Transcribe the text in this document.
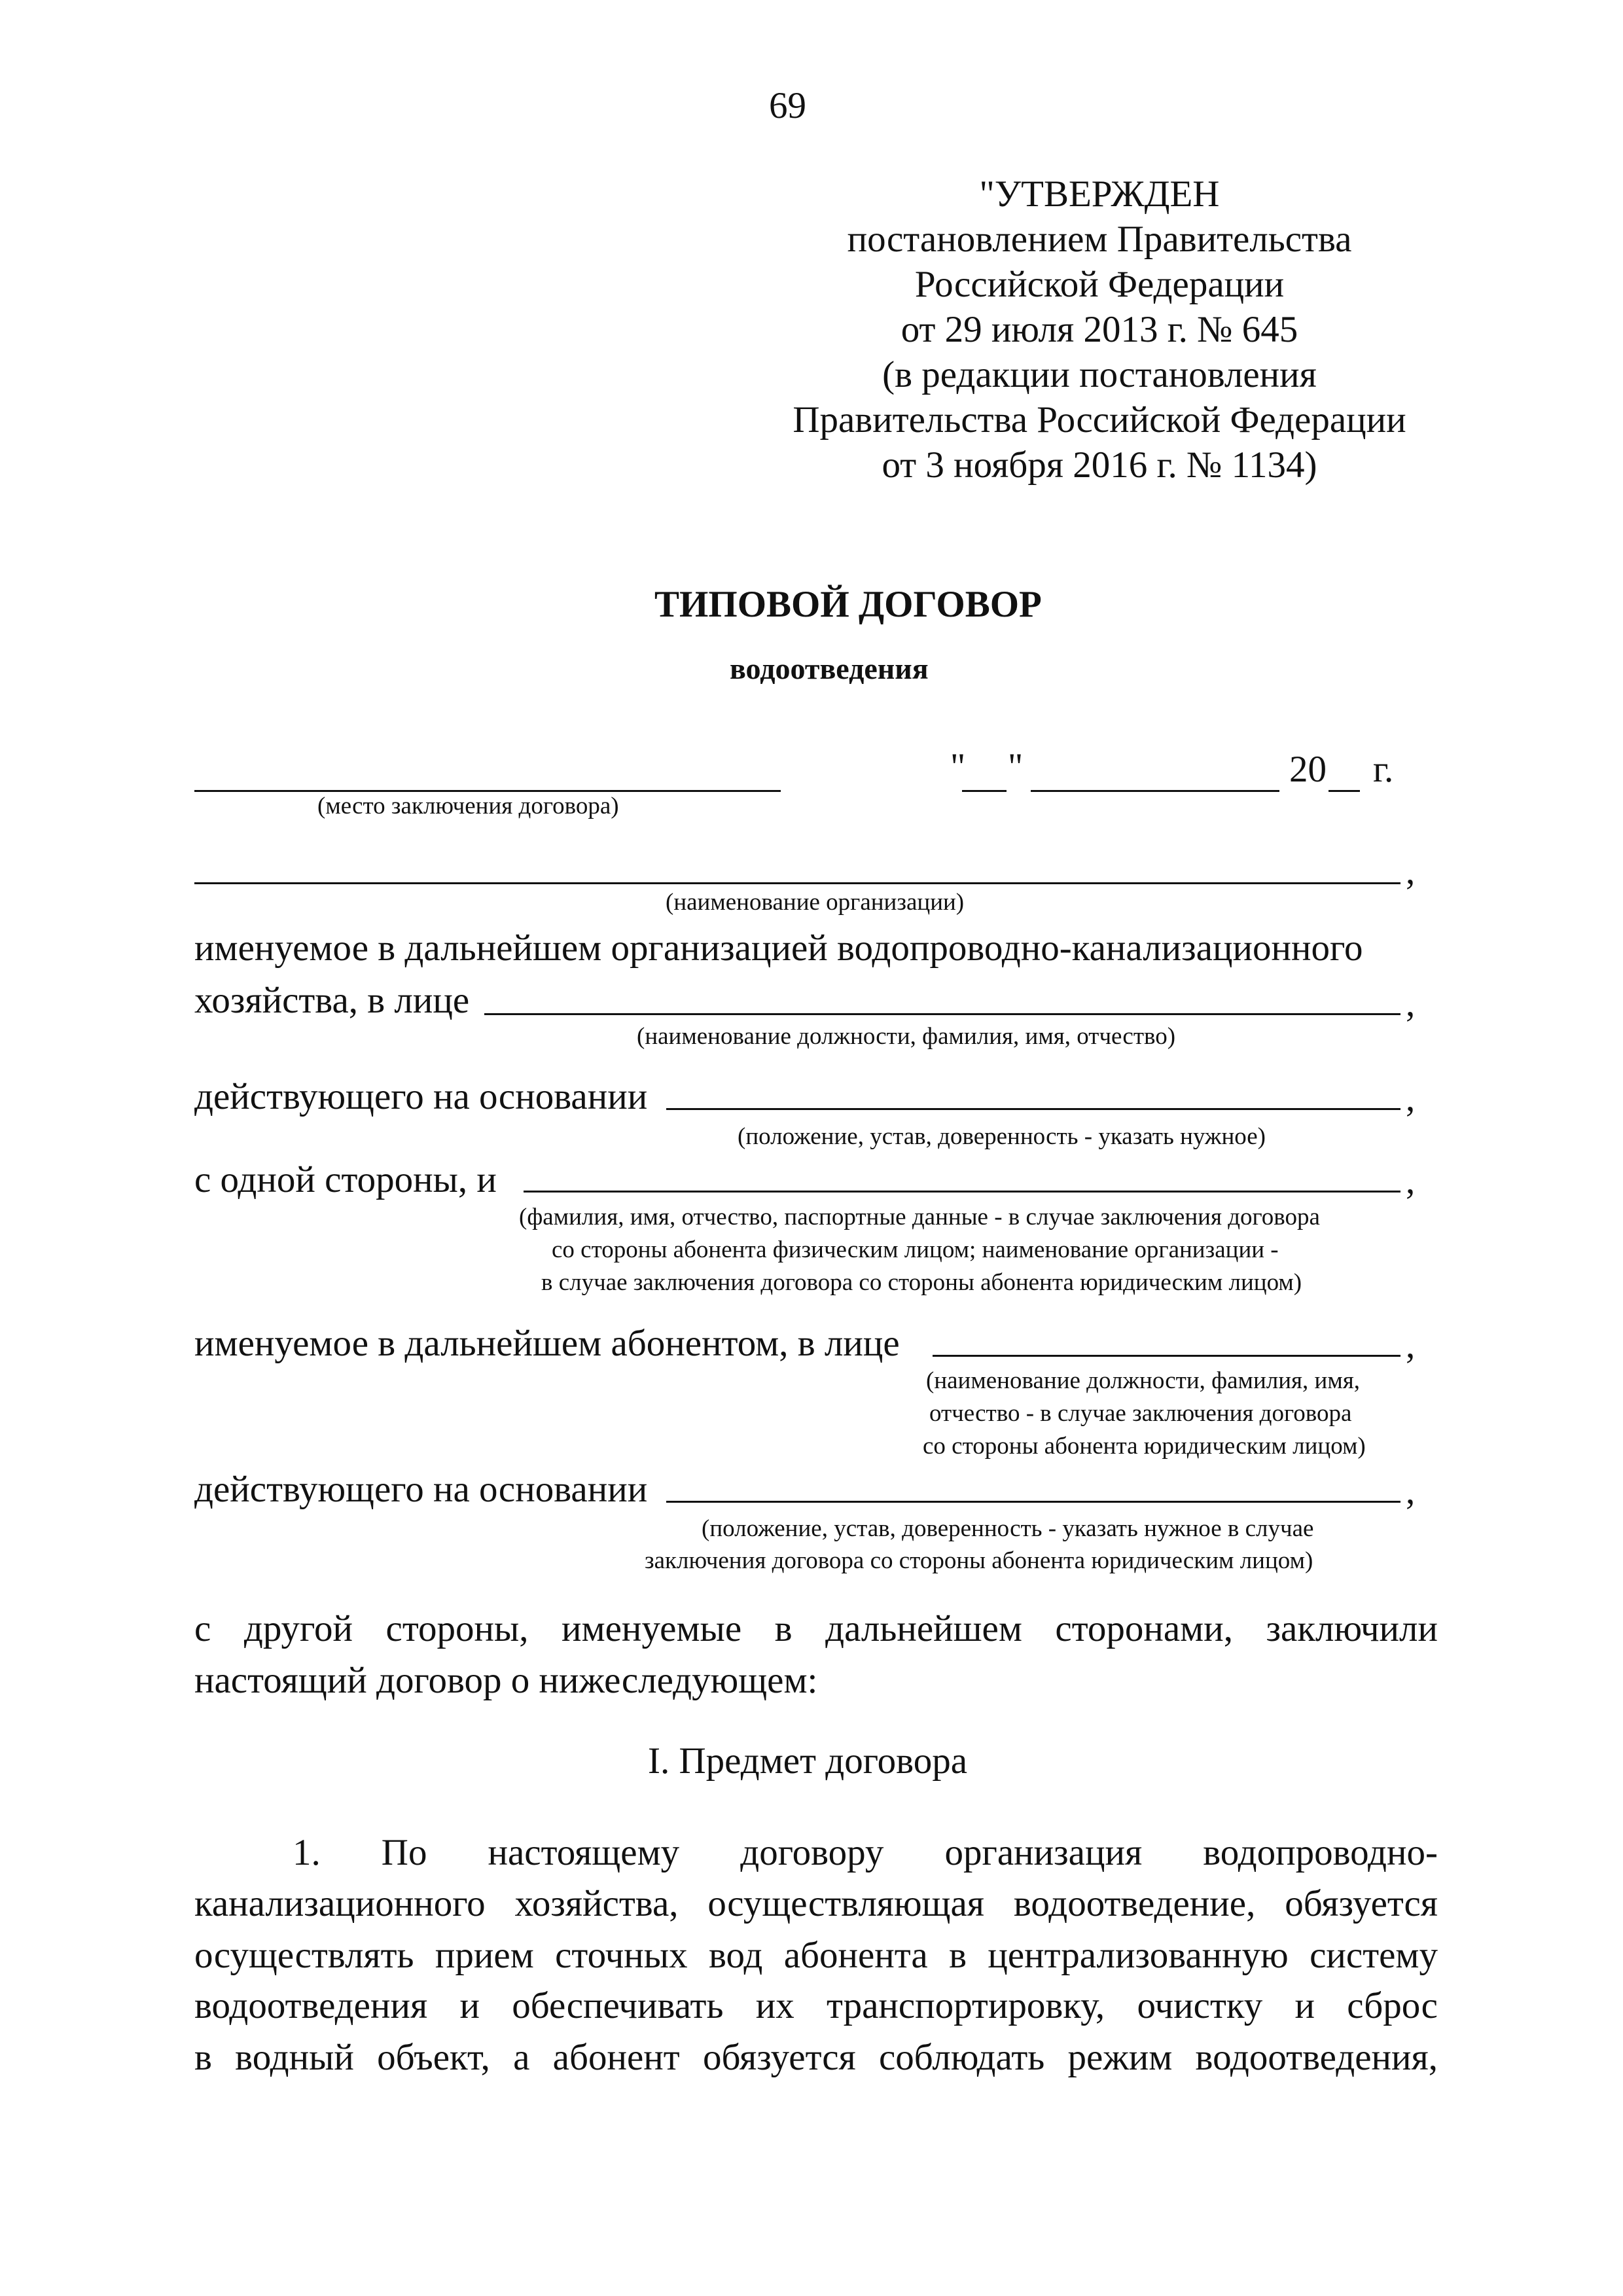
69
"УТВЕРЖДЕН
постановлением Правительства
Российской Федерации
от 29 июля 2013 г. № 645
(в редакции постановления
Правительства Российской Федерации
от 3 ноября 2016 г. № 1134)
ТИПОВОЙ ДОГОВОР
водоотведения
" "	20 г.
(место заключения договора)
,
(наименование организации)
именуемое в дальнейшем организацией водопроводно-канализационного
хозяйства, в лице	,
(наименование должности, фамилия, имя, отчество)
действующего на основании	,
(положение, устав, доверенность - указать нужное)
с одной стороны, и	,
(фамилия, имя, отчество, паспортные данные - в случае заключения договора
со стороны абонента физическим лицом; наименование организации -
в случае заключения договора со стороны абонента юридическим лицом)
именуемое в дальнейшем абонентом, в лице	,
(наименование должности, фамилия, имя,
отчество - в случае заключения договора
со стороны абонента юридическим лицом)
действующего на основании	,
(положение, устав, доверенность - указать нужное в случае
заключения договора со стороны абонента юридическим лицом)
с другой стороны, именуемые в дальнейшем сторонами, заключили
настоящий договор о нижеследующем:
I. Предмет договора
1. По настоящему договору организация водопроводно-
канализационного хозяйства, осуществляющая водоотведение, обязуется
осуществлять прием сточных вод абонента в централизованную систему
водоотведения и обеспечивать их транспортировку, очистку и сброс
в водный объект, а абонент обязуется соблюдать режим водоотведения,
